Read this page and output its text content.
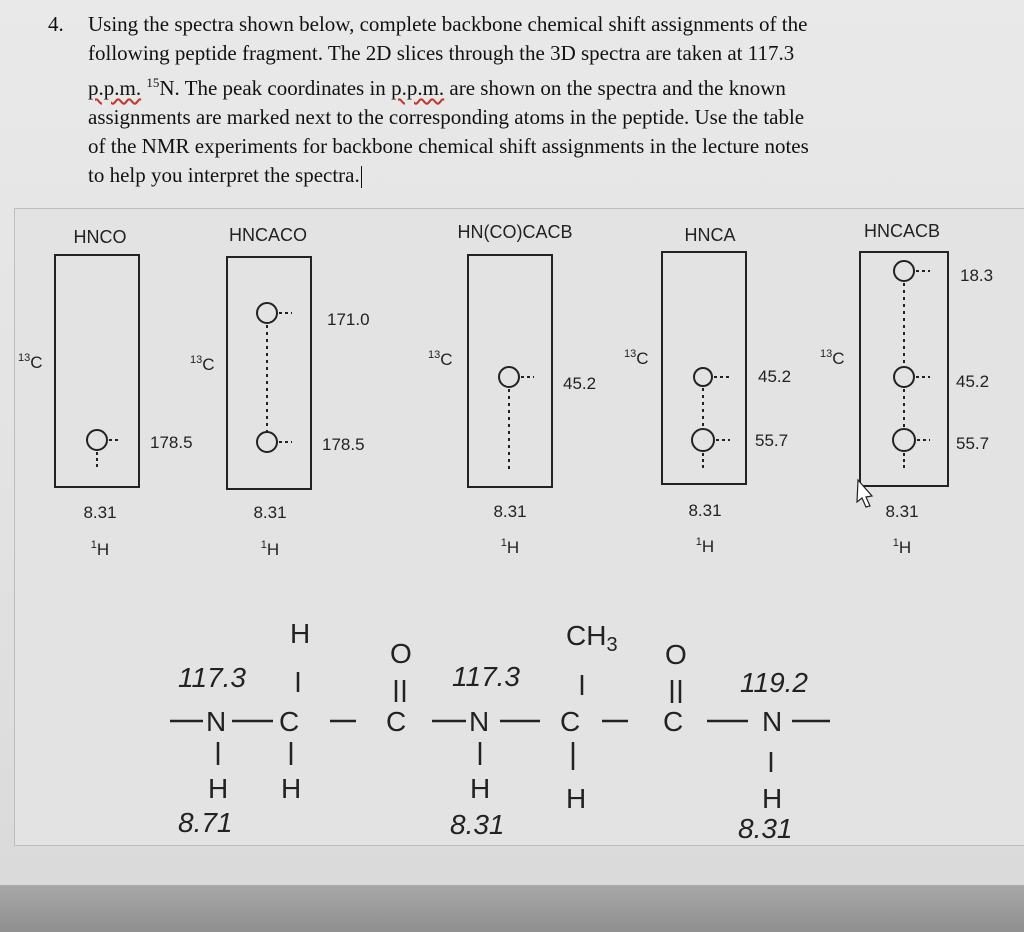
4. Using the spectra shown below, complete backbone chemical shift assignments of the
following peptide fragment. The 2D slices through the 3D spectra are taken at 117.3
p.p.m. $^{15}$N. The peak coordinates in p.p.m. are shown on the spectra and the known
assignments are marked next to the corresponding atoms in the peptide. Use the table
of the NMR experiments for backbone chemical shift assignments in the lecture notes
to help you interpret the spectra.
HNCO
$^{13}$C
178.5
8.31
$^1$H
HNCACO
$^{13}$C
171.0
178.5
8.31
$^1$H
HN(CO)CACB
$^{13}$C
45.2
8.31
$^1$H
HNCA
$^{13}$C
45.2
55.7
8.31
$^1$H
HNCACB
$^{13}$C
18.3
45.2
55.7
8.31
$^1$H
117.3	117.3	119.2
N C	C N	C	C	N
H
H
H
8.71
O
H
8.31
$CH_3$
H
O
H
8.31
